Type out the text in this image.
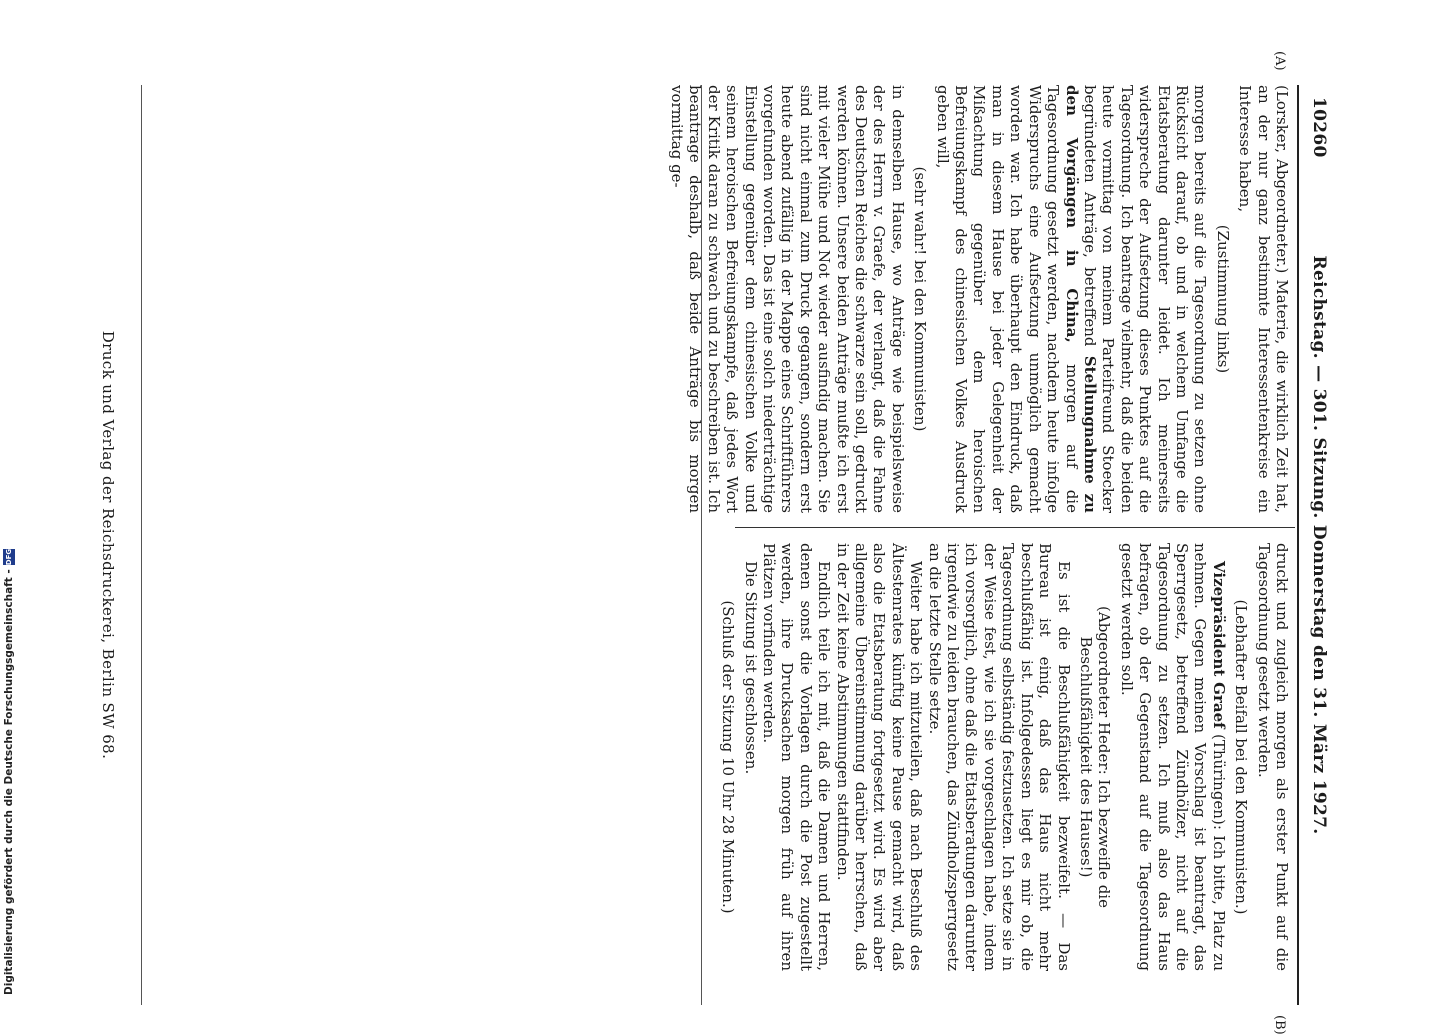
10260
Reichstag. — 301. Sitzung. Donnerstag den 31. März 1927.
(A)
(B)

(Lorsker, Abgeordneter.) Materie, die wirklich Zeit hat, an der nur ganz bestimmte Interessentenkreise ein Interesse haben,

(Zustimmung links)

morgen bereits auf die Tagesordnung zu setzen ohne Rücksicht darauf, ob und in welchem Umfange die Etatsberatung darunter leidet. Ich meinerseits widerspreche der Aufsetzung dieses Punktes auf die Tagesordnung. Ich beantrage vielmehr, daß die beiden heute vormittag von meinem Parteifreund Stoecker begründeten Anträge, betreffend Stellungnahme zu den Vorgängen in China, morgen auf die Tagesordnung gesetzt werden, nachdem heute infolge Widerspruchs eine Aufsetzung unmöglich gemacht worden war. Ich habe überhaupt den Eindruck, daß man in diesem Hause bei jeder Gelegenheit der Mißachtung gegenüber dem heroischen Befreiungskampf des chinesischen Volkes Ausdruck geben will,

(sehr wahr! bei den Kommunisten)

in demselben Hause, wo Anträge wie beispielsweise der des Herrn v. Graefe, der verlangt, daß die Fahne des Deutschen Reiches die schwarze sein soll, gedruckt werden können. Unsere beiden Anträge mußte ich erst mit vieler Mühe und Not wieder ausfindig machen. Sie sind nicht einmal zum Druck gegangen, sondern erst heute abend zufällig in der Mappe eines Schriftführers vorgefunden worden. Das ist eine solch niederträchtige Einstellung gegenüber dem chinesischen Volke und seinem heroischen Befreiungskampfe, daß jedes Wort der Kritik daran zu schwach und zu beschreiben ist. Ich beantrage deshalb, daß beide Anträge bis morgen vormittag ge-

druckt und zugleich morgen als erster Punkt auf die Tagesordnung gesetzt werden.

(Lebhafter Beifall bei den Kommunisten.)

Vizepräsident Graef (Thüringen): Ich bitte, Platz zu nehmen. Gegen meinen Vorschlag ist beantragt, das Sperrgesetz, betreffend Zündhölzer, nicht auf die Tagesordnung zu setzen. Ich muß also das Haus befragen, ob der Gegenstand auf die Tagesordnung gesetzt werden soll.

(Abgeordneter Heder: Ich bezweifle die Beschlußfähigkeit des Hauses!)

Es ist die Beschlußfähigkeit bezweifelt. — Das Bureau ist einig, daß das Haus nicht mehr beschlußfähig ist. Infolgedessen liegt es mir ob, die Tagesordnung selbständig festzusetzen. Ich setze sie in der Weise fest, wie ich sie vorgeschlagen habe, indem ich vorsorglich, ohne daß die Etatsberatungen darunter irgendwie zu leiden brauchen, das Zündholzsperrgesetz an die letzte Stelle setze.

Weiter habe ich mitzuteilen, daß nach Beschluß des Ältestenrates künftig keine Pause gemacht wird, daß also die Etatsberatung fortgesetzt wird. Es wird aber allgemeine Übereinstimmung darüber herrschen, daß in der Zeit keine Abstimmungen stattfinden.

Endlich teile ich mit, daß die Damen und Herren, denen sonst die Vorlagen durch die Post zugestellt werden, ihre Drucksachen morgen früh auf ihren Plätzen vorfinden werden.

Die Sitzung ist geschlossen.

(Schluß der Sitzung 10 Uhr 28 Minuten.)
Druck und Verlag der Reichsdruckerei, Berlin SW 68.
Digitalisierung gefördert durch die Deutsche Forschungsgemeinschaft -
DFG
